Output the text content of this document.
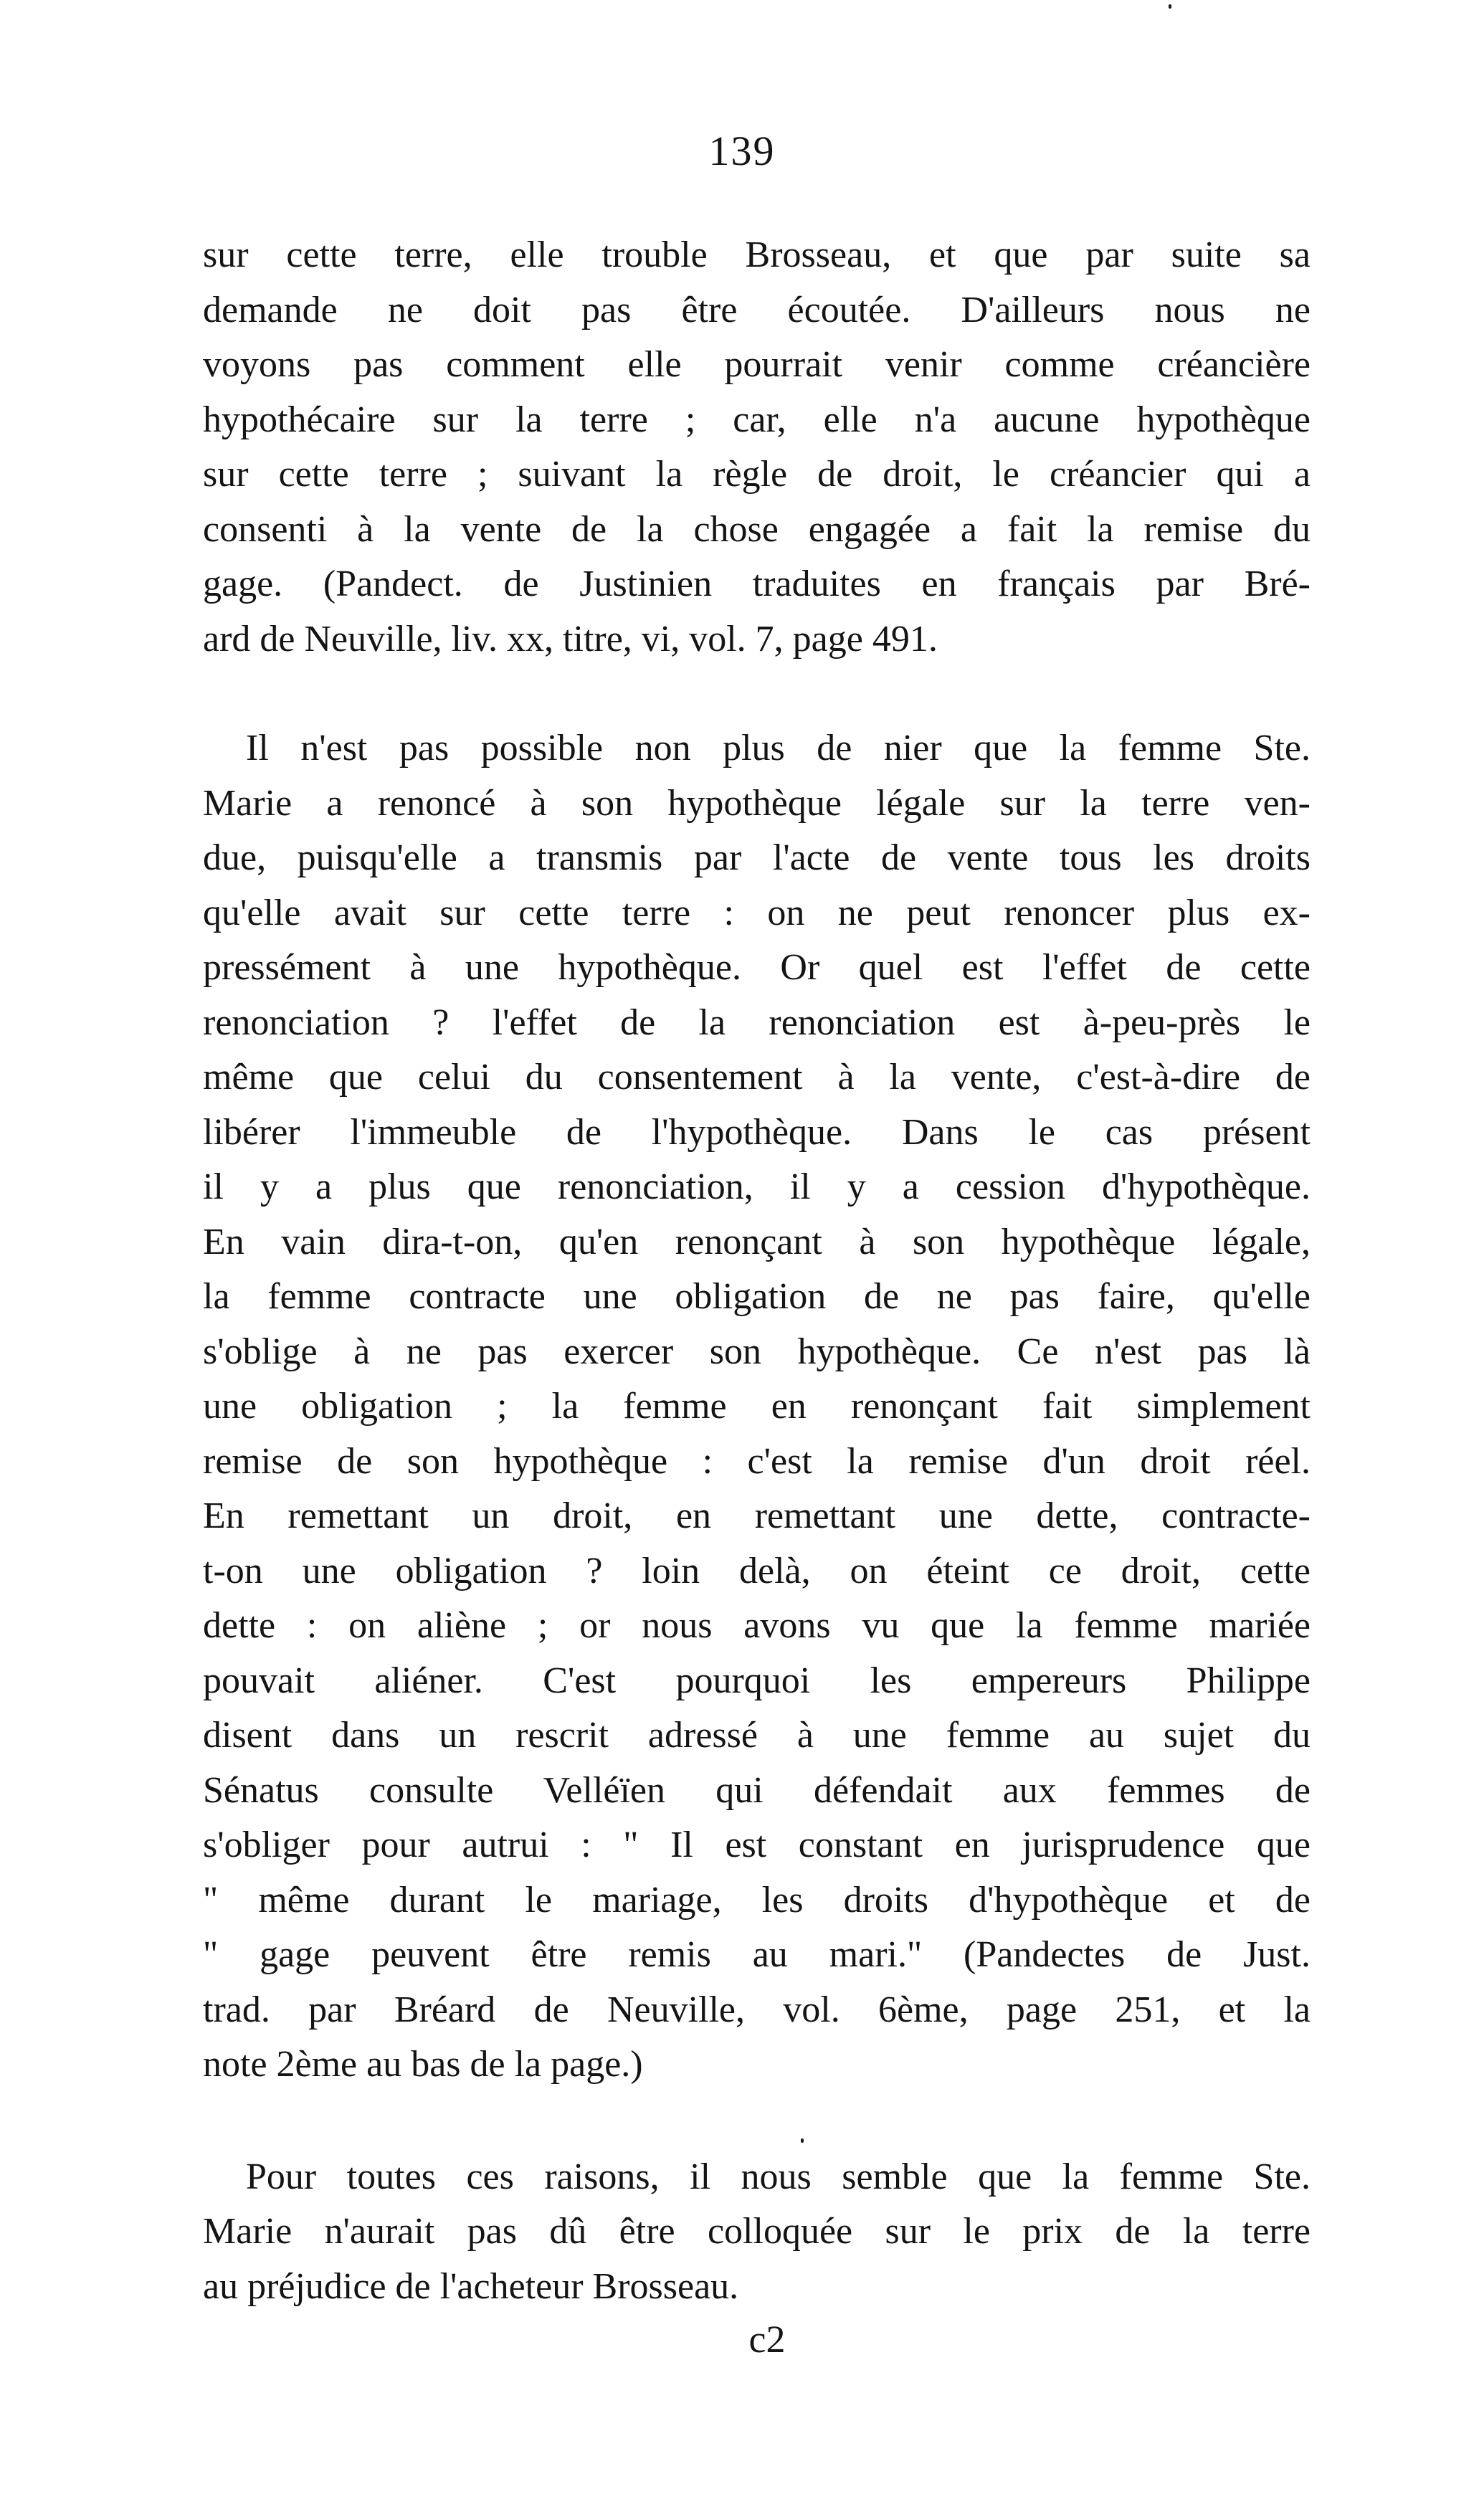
139
sur cette terre, elle trouble Brosseau, et que par suite sa
demande ne doit pas être écoutée. D'ailleurs nous ne
voyons pas comment elle pourrait venir comme créancière
hypothécaire sur la terre ; car, elle n'a aucune hypothèque
sur cette terre ; suivant la règle de droit, le créancier qui a
consenti à la vente de la chose engagée a fait la remise du
gage. (Pandect. de Justinien traduites en français par Bré-
ard de Neuville, liv. xx, titre, vi, vol. 7, page 491.
Il n'est pas possible non plus de nier que la femme Ste.
Marie a renoncé à son hypothèque légale sur la terre ven-
due, puisqu'elle a transmis par l'acte de vente tous les droits
qu'elle avait sur cette terre : on ne peut renoncer plus ex-
pressément à une hypothèque. Or quel est l'effet de cette
renonciation ? l'effet de la renonciation est à-peu-près le
même que celui du consentement à la vente, c'est-à-dire de
libérer l'immeuble de l'hypothèque. Dans le cas présent
il y a plus que renonciation, il y a cession d'hypothèque.
En vain dira-t-on, qu'en renonçant à son hypothèque légale,
la femme contracte une obligation de ne pas faire, qu'elle
s'oblige à ne pas exercer son hypothèque. Ce n'est pas là
une obligation ; la femme en renonçant fait simplement
remise de son hypothèque : c'est la remise d'un droit réel.
En remettant un droit, en remettant une dette, contracte-
t-on une obligation ? loin delà, on éteint ce droit, cette
dette : on aliène ; or nous avons vu que la femme mariée
pouvait aliéner. C'est pourquoi les empereurs Philippe
disent dans un rescrit adressé à une femme au sujet du
Sénatus consulte Velléïen qui défendait aux femmes de
s'obliger pour autrui : " Il est constant en jurisprudence que
" même durant le mariage, les droits d'hypothèque et de
" gage peuvent être remis au mari." (Pandectes de Just.
trad. par Bréard de Neuville, vol. 6ème, page 251, et la
note 2ème au bas de la page.)
Pour toutes ces raisons, il nous semble que la femme Ste.
Marie n'aurait pas dû être colloquée sur le prix de la terre
au préjudice de l'acheteur Brosseau.
c2
